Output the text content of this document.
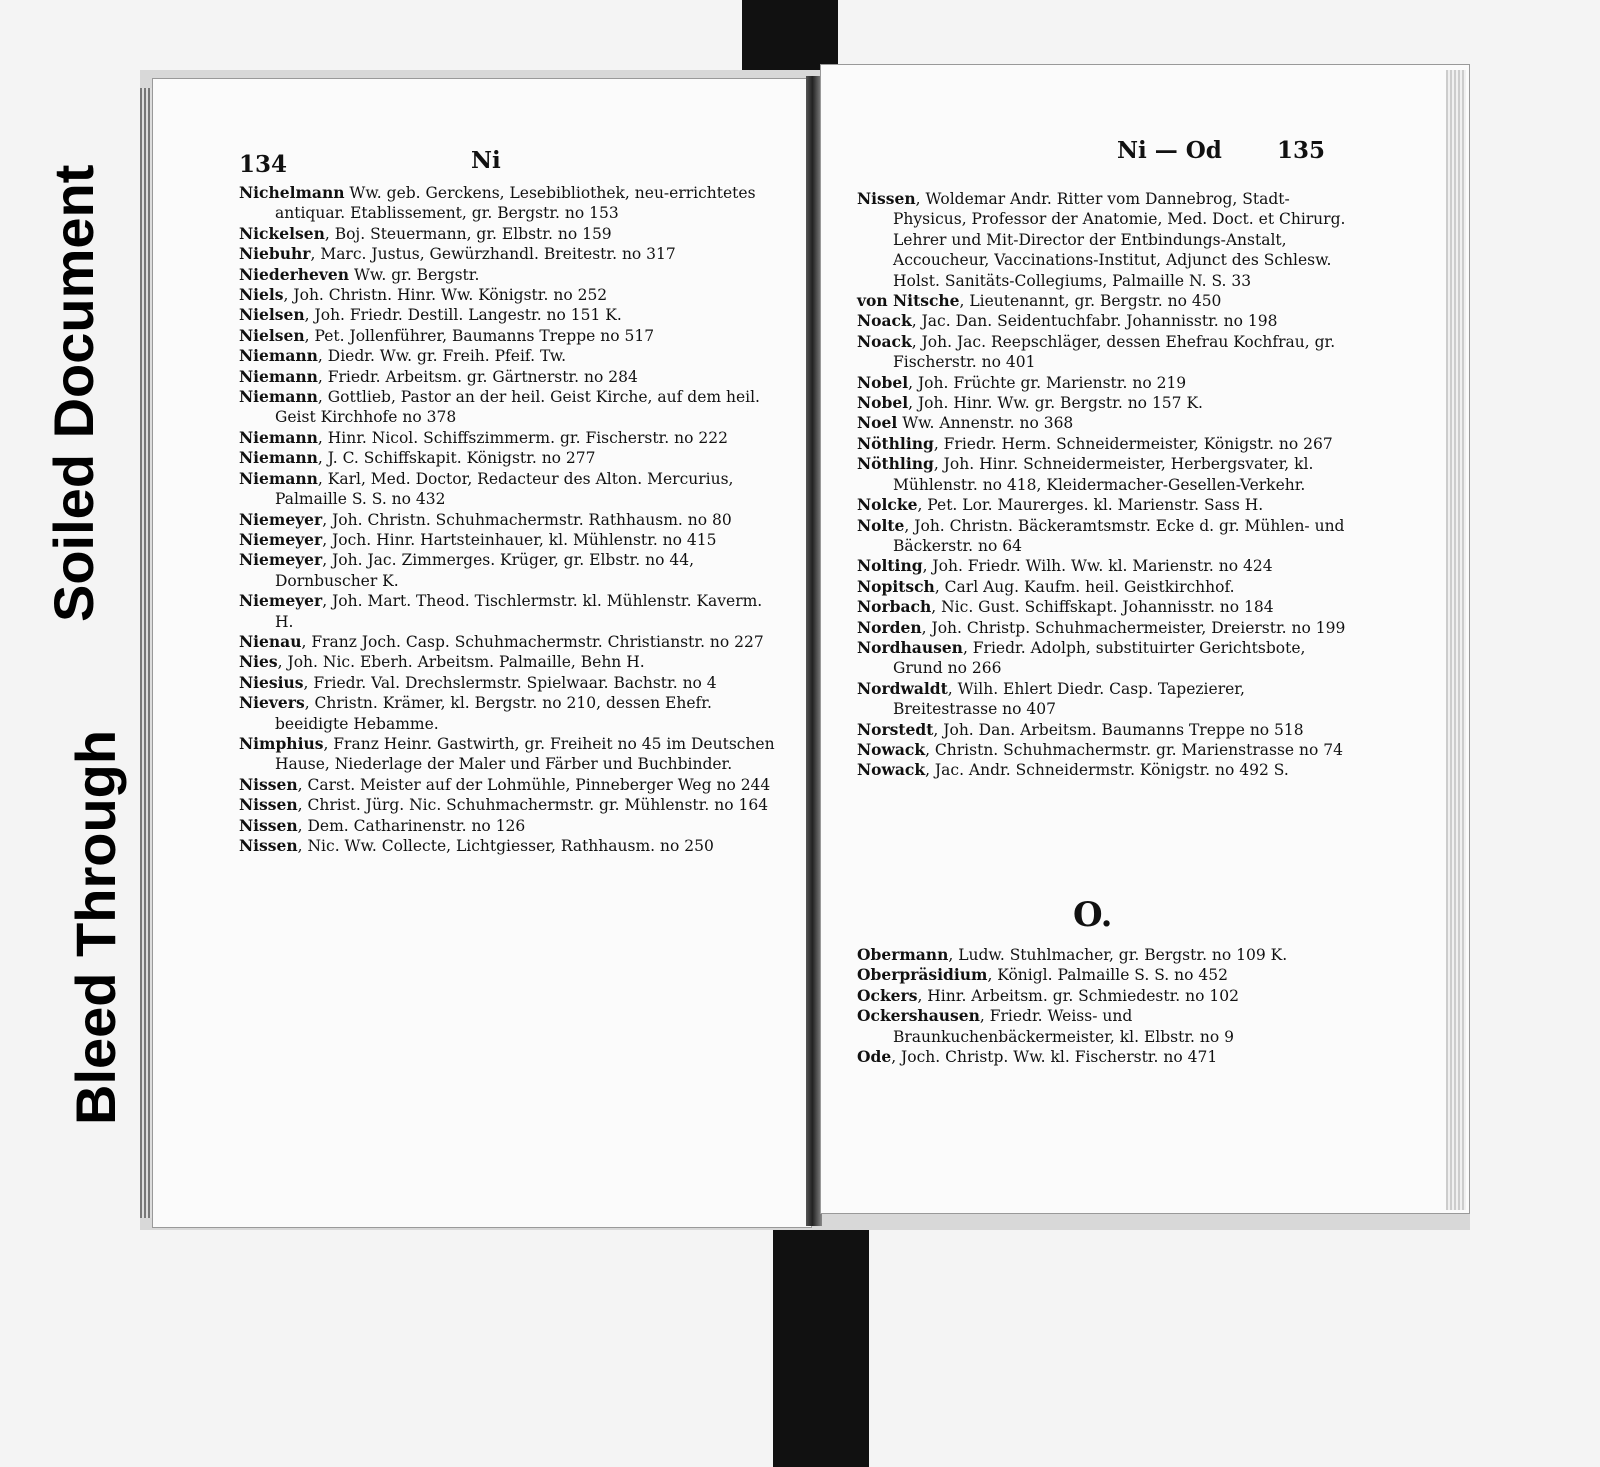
Soiled Document
Bleed Through
134	Ni
Nichelmann Ww. geb. Gerckens, Lesebibliothek, neu-errichtetes antiquar. Etablissement, gr. Bergstr. no 153
Nickelsen, Boj. Steuermann, gr. Elbstr. no 159
Niebuhr, Marc. Justus, Gewürzhandl. Breitestr. no 317
Niederheven Ww. gr. Bergstr.
Niels, Joh. Christn. Hinr. Ww. Königstr. no 252
Nielsen, Joh. Friedr. Destill. Langestr. no 151 K.
Nielsen, Pet. Jollenführer, Baumanns Treppe no 517
Niemann, Diedr. Ww. gr. Freih. Pfeif. Tw.
Niemann, Friedr. Arbeitsm. gr. Gärtnerstr. no 284
Niemann, Gottlieb, Pastor an der heil. Geist Kirche, auf dem heil. Geist Kirchhofe no 378
Niemann, Hinr. Nicol. Schiffszimmerm. gr. Fischerstr. no 222
Niemann, J. C. Schiffskapit. Königstr. no 277
Niemann, Karl, Med. Doctor, Redacteur des Alton. Mercurius, Palmaille S. S. no 432
Niemeyer, Joh. Christn. Schuhmachermstr. Rathhausm. no 80
Niemeyer, Joch. Hinr. Hartsteinhauer, kl. Mühlenstr. no 415
Niemeyer, Joh. Jac. Zimmerges. Krüger, gr. Elbstr. no 44, Dornbuscher K.
Niemeyer, Joh. Mart. Theod. Tischlermstr. kl. Mühlenstr. Kaverm. H.
Nienau, Franz Joch. Casp. Schuhmachermstr. Christianstr. no 227
Nies, Joh. Nic. Eberh. Arbeitsm. Palmaille, Behn H.
Niesius, Friedr. Val. Drechslermstr. Spielwaar. Bachstr. no 4
Nievers, Christn. Krämer, kl. Bergstr. no 210, dessen Ehefr. beeidigte Hebamme.
Nimphius, Franz Heinr. Gastwirth, gr. Freiheit no 45 im Deutschen Hause, Niederlage der Maler und Färber und Buchbinder.
Nissen, Carst. Meister auf der Lohmühle, Pinneberger Weg no 244
Nissen, Christ. Jürg. Nic. Schuhmachermstr. gr. Mühlenstr. no 164
Nissen, Dem. Catharinenstr. no 126
Nissen, Nic. Ww. Collecte, Lichtgiesser, Rathhausm. no 250
Ni — Od 135
Nissen, Woldemar Andr. Ritter vom Dannebrog, Stadt-Physicus, Professor der Anatomie, Med. Doct. et Chirurg. Lehrer und Mit-Director der Entbindungs-Anstalt, Accoucheur, Vaccinations-Institut, Adjunct des Schlesw. Holst. Sanitäts-Collegiums, Palmaille N. S. 33
von Nitsche, Lieutenannt, gr. Bergstr. no 450
Noack, Jac. Dan. Seidentuchfabr. Johannisstr. no 198
Noack, Joh. Jac. Reepschläger, dessen Ehefrau Kochfrau, gr. Fischerstr. no 401
Nobel, Joh. Früchte gr. Marienstr. no 219
Nobel, Joh. Hinr. Ww. gr. Bergstr. no 157 K.
Noel Ww. Annenstr. no 368
Nöthling, Friedr. Herm. Schneidermeister, Königstr. no 267
Nöthling, Joh. Hinr. Schneidermeister, Herbergsvater, kl. Mühlenstr. no 418, Kleidermacher-Gesellen-Verkehr.
Nolcke, Pet. Lor. Maurerges. kl. Marienstr. Sass H.
Nolte, Joh. Christn. Bäckeramtsmstr. Ecke d. gr. Mühlen- und Bäckerstr. no 64
Nolting, Joh. Friedr. Wilh. Ww. kl. Marienstr. no 424
Nopitsch, Carl Aug. Kaufm. heil. Geistkirchhof.
Norbach, Nic. Gust. Schiffskapt. Johannisstr. no 184
Norden, Joh. Christp. Schuhmachermeister, Dreierstr. no 199
Nordhausen, Friedr. Adolph, substituirter Gerichtsbote, Grund no 266
Nordwaldt, Wilh. Ehlert Diedr. Casp. Tapezierer, Breitestrasse no 407
Norstedt, Joh. Dan. Arbeitsm. Baumanns Treppe no 518
Nowack, Christn. Schuhmachermstr. gr. Marienstrasse no 74
Nowack, Jac. Andr. Schneidermstr. Königstr. no 492 S.
O.
Obermann, Ludw. Stuhlmacher, gr. Bergstr. no 109 K.
Oberpräsidium, Königl. Palmaille S. S. no 452
Ockers, Hinr. Arbeitsm. gr. Schmiedestr. no 102
Ockershausen, Friedr. Weiss- und Braunkuchenbäckermeister, kl. Elbstr. no 9
Ode, Joch. Christp. Ww. kl. Fischerstr. no 471
